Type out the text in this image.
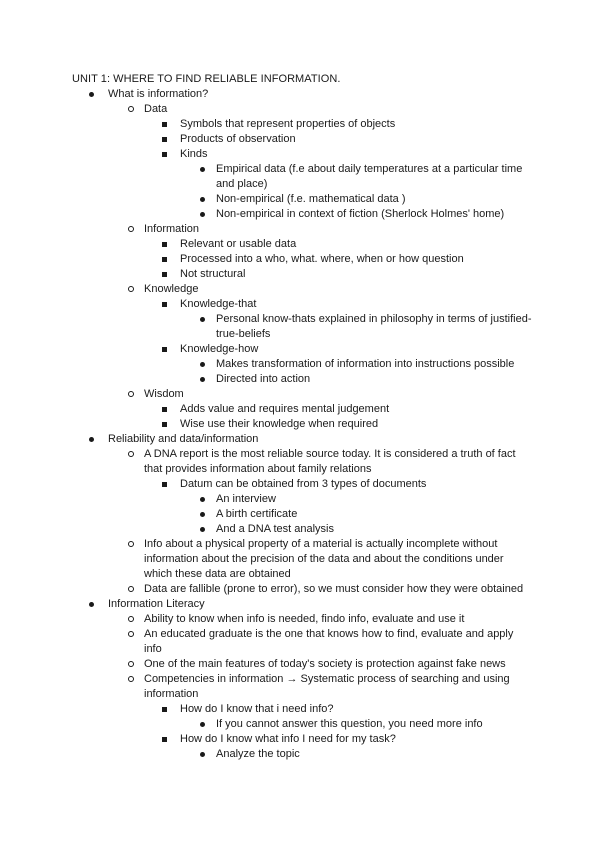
UNIT 1: WHERE TO FIND RELIABLE INFORMATION.
What is information?
Data
Symbols that represent properties of objects
Products of observation
Kinds
Empirical data (f.e about daily temperatures at a particular time and place)
Non-empirical (f.e. mathematical data )
Non-empirical in context of fiction (Sherlock Holmes' home)
Information
Relevant or usable data
Processed into a who, what. where, when or how question
Not structural
Knowledge
Knowledge-that
Personal know-thats explained in philosophy in terms of justified-true-beliefs
Knowledge-how
Makes transformation of information into instructions possible
Directed into action
Wisdom
Adds value and requires mental judgement
Wise use their knowledge when required
Reliability and data/information
A DNA report is the most reliable source today. It is considered a truth of fact that provides information about family relations
Datum can be obtained from 3 types of documents
An interview
A birth certificate
And a DNA test analysis
Info about a physical property of a material is actually incomplete without information about the precision of the data and about the conditions under which these data are obtained
Data are fallible (prone to error), so we must consider how they were obtained
Information Literacy
Ability to know when info is needed, findo info, evaluate and use it
An educated graduate is the one that knows how to find, evaluate and apply info
One of the main features of today's society is protection against fake news
Competencies in information → Systematic process of searching and using information
How do I know that i need info?
If you cannot answer this question, you need more info
How do I know what info I need for my task?
Analyze the topic
